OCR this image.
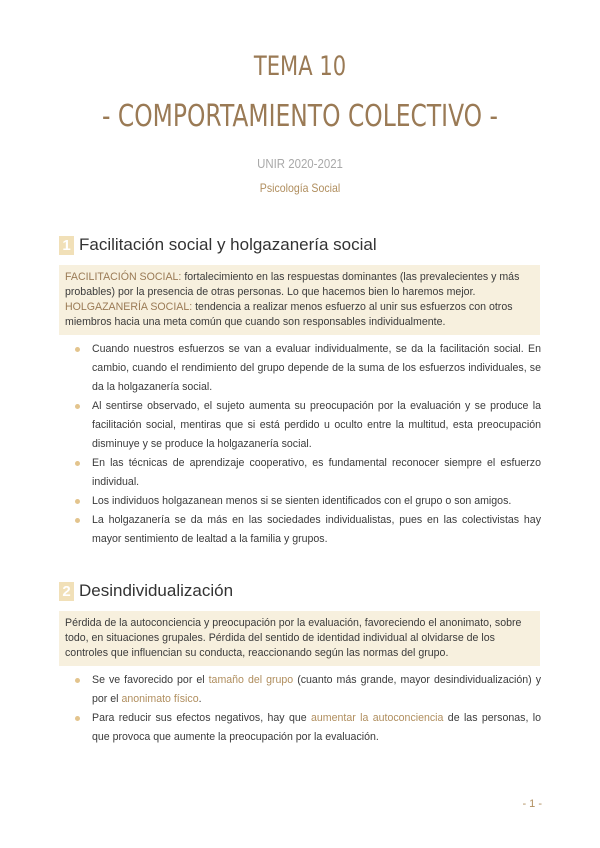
TEMA 10
- COMPORTAMIENTO COLECTIVO -
UNIR 2020-2021
Psicología Social
1 Facilitación social y holgazanería social
FACILITACIÓN SOCIAL: fortalecimiento en las respuestas dominantes (las prevalecientes y más probables) por la presencia de otras personas. Lo que hacemos bien lo haremos mejor.
HOLGAZANERÍA SOCIAL: tendencia a realizar menos esfuerzo al unir sus esfuerzos con otros miembros hacia una meta común que cuando son responsables individualmente.
Cuando nuestros esfuerzos se van a evaluar individualmente, se da la facilitación social. En cambio, cuando el rendimiento del grupo depende de la suma de los esfuerzos individuales, se da la holgazanería social.
Al sentirse observado, el sujeto aumenta su preocupación por la evaluación y se produce la facilitación social, mentiras que si está perdido u oculto entre la multitud, esta preocupación disminuye y se produce la holgazanería social.
En las técnicas de aprendizaje cooperativo, es fundamental reconocer siempre el esfuerzo individual.
Los individuos holgazanean menos si se sienten identificados con el grupo o son amigos.
La holgazanería se da más en las sociedades individualistas, pues en las colectivistas hay mayor sentimiento de lealtad a la familia y grupos.
2 Desindividualización
Pérdida de la autoconciencia y preocupación por la evaluación, favoreciendo el anonimato, sobre todo, en situaciones grupales. Pérdida del sentido de identidad individual al olvidarse de los controles que influencian su conducta, reaccionando según las normas del grupo.
Se ve favorecido por el tamaño del grupo (cuanto más grande, mayor desindividualización) y por el anonimato físico.
Para reducir sus efectos negativos, hay que aumentar la autoconciencia de las personas, lo que provoca que aumente la preocupación por la evaluación.
- 1 -
